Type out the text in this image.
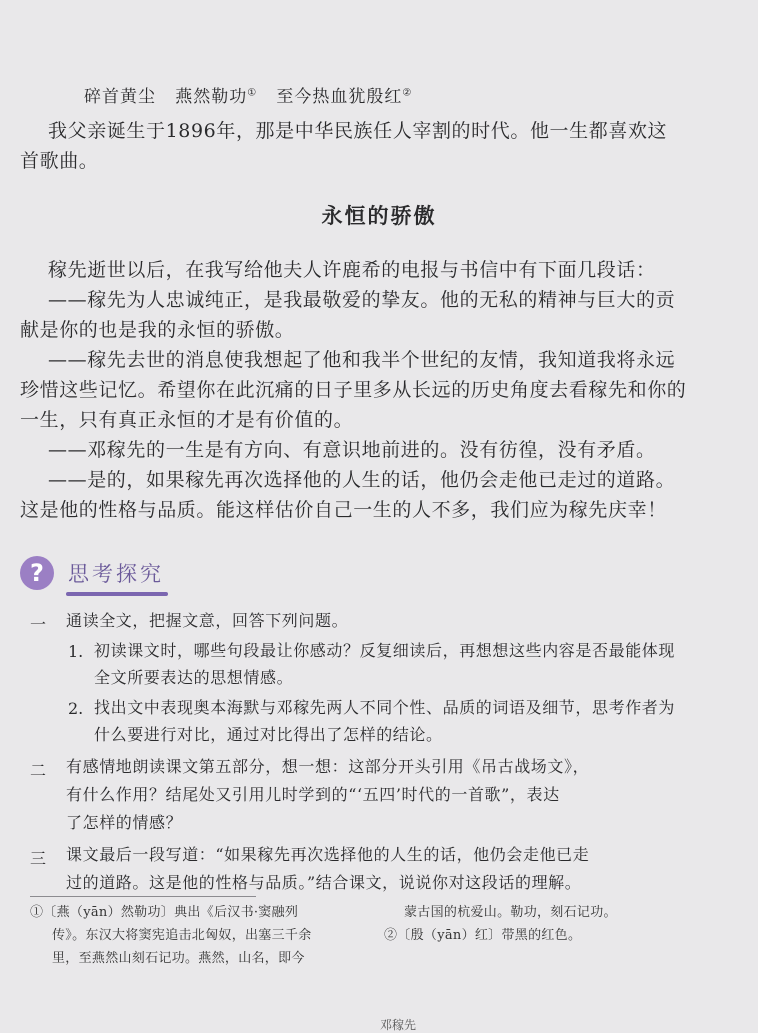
碎首黄尘 燕然勒功① 至今热血犹殷红②
我父亲诞生于1896年，那是中华民族任人宰割的时代。他一生都喜欢这
首歌曲。
永恒的骄傲
稼先逝世以后，在我写给他夫人许鹿希的电报与书信中有下面几段话：
——稼先为人忠诚纯正，是我最敬爱的挚友。他的无私的精神与巨大的贡
献是你的也是我的永恒的骄傲。
——稼先去世的消息使我想起了他和我半个世纪的友情，我知道我将永远
珍惜这些记忆。希望你在此沉痛的日子里多从长远的历史角度去看稼先和你的
一生，只有真正永恒的才是有价值的。
——邓稼先的一生是有方向、有意识地前进的。没有彷徨，没有矛盾。
——是的，如果稼先再次选择他的人生的话，他仍会走他已走过的道路。
这是他的性格与品质。能这样估价自己一生的人不多，我们应为稼先庆幸！
?	思考探究
一 通读全文，把握文意，回答下列问题。
1. 初读课文时，哪些句段最让你感动？反复细读后，再想想这些内容是否最能体现
全文所要表达的思想情感。
2. 找出文中表现奥本海默与邓稼先两人不同个性、品质的词语及细节，思考作者为
什么要进行对比，通过对比得出了怎样的结论。
二 有感情地朗读课文第五部分，想一想：这部分开头引用《吊古战场文》，
有什么作用？结尾处又引用儿时学到的“‘五四’时代的一首歌”，表达
了怎样的情感？
三 课文最后一段写道：“如果稼先再次选择他的人生的话，他仍会走他已走
过的道路。这是他的性格与品质。”结合课文，说说你对这段话的理解。
①〔燕（yān）然勒功〕典出《后汉书·窦融列
传》。东汉大将窦宪追击北匈奴，出塞三千余
里，至燕然山刻石记功。燕然，山名，即今
蒙古国的杭爱山。勒功，刻石记功。
②〔殷（yān）红〕带黑的红色。
邓稼先
